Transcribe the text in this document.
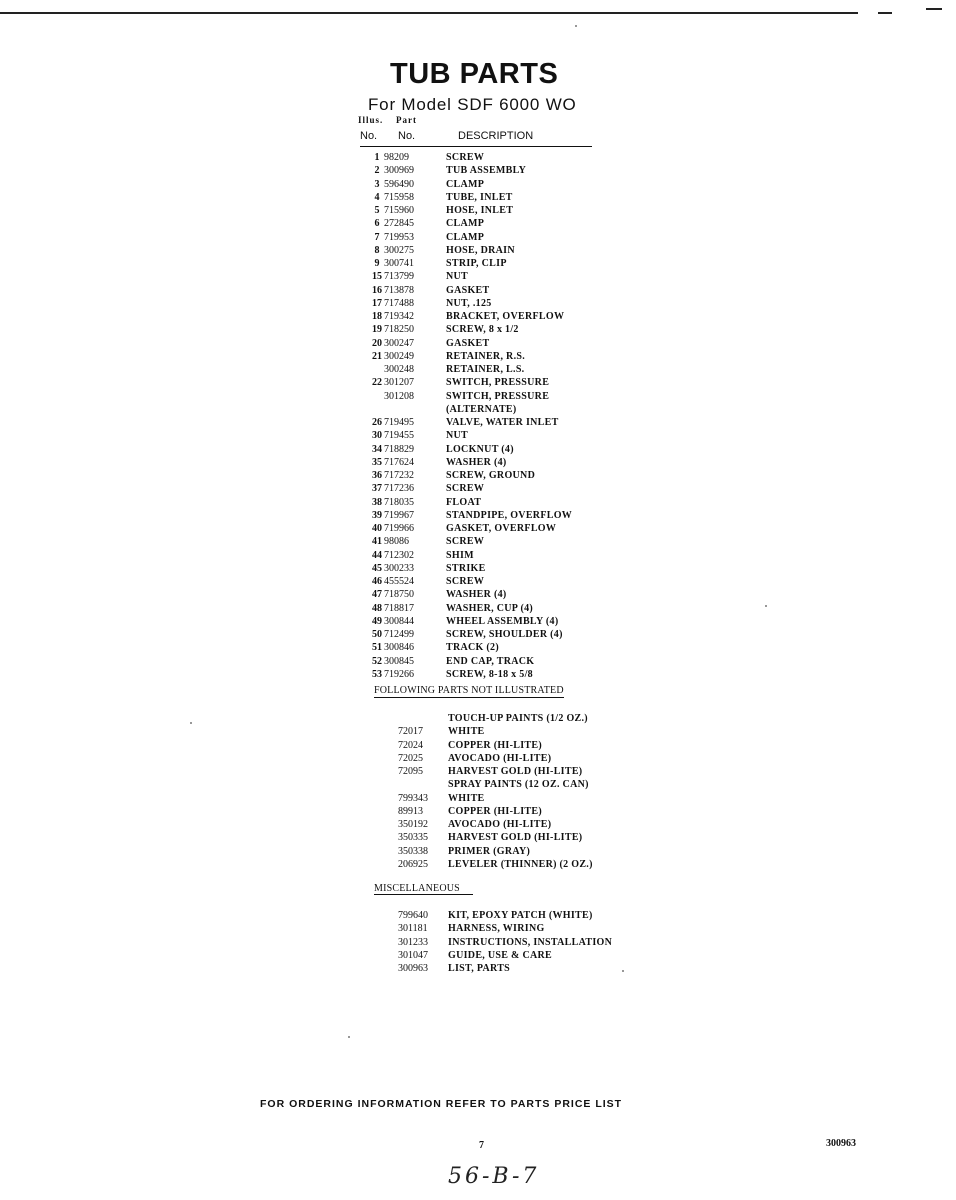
TUB PARTS
For Model SDF 6000 WO
Illus. Part
No. No.	DESCRIPTION
1 98209	SCREW
2 300969	TUB ASSEMBLY
3 596490	CLAMP
4 715958	TUBE, INLET
5 715960	HOSE, INLET
6 272845	CLAMP
7 719953	CLAMP
8 300275	HOSE, DRAIN
9 300741	STRIP, CLIP
15 713799	NUT
16 713878	GASKET
17 717488	NUT, .125
18 719342	BRACKET, OVERFLOW
19 718250	SCREW, 8 x 1/2
20 300247	GASKET
21 300249	RETAINER, R.S.
300248	RETAINER, L.S.
22 301207	SWITCH, PRESSURE
301208	SWITCH, PRESSURE
(ALTERNATE)
26 719495	VALVE, WATER INLET
30 719455	NUT
34 718829	LOCKNUT (4)
35 717624	WASHER (4)
36 717232	SCREW, GROUND
37 717236	SCREW
38 718035	FLOAT
39 719967	STANDPIPE, OVERFLOW
40 719966	GASKET, OVERFLOW
41 98086	SCREW
44 712302	SHIM
45 300233	STRIKE
46 455524	SCREW
47 718750	WASHER (4)
48 718817	WASHER, CUP (4)
49 300844	WHEEL ASSEMBLY (4)
50 712499	SCREW, SHOULDER (4)
51 300846	TRACK (2)
52 300845	END CAP, TRACK
53 719266	SCREW, 8-18 x 5/8
FOLLOWING PARTS NOT ILLUSTRATED
TOUCH-UP PAINTS (1/2 OZ.)
72017	WHITE
72024	COPPER (HI-LITE)
72025	AVOCADO (HI-LITE)
72095	HARVEST GOLD (HI-LITE)
SPRAY PAINTS (12 OZ. CAN)
799343 WHITE
89913	COPPER (HI-LITE)
350192 AVOCADO (HI-LITE)
350335 HARVEST GOLD (HI-LITE)
350338 PRIMER (GRAY)
206925 LEVELER (THINNER) (2 OZ.)
MISCELLANEOUS
799640 KIT, EPOXY PATCH (WHITE)
301181 HARNESS, WIRING
301233 INSTRUCTIONS, INSTALLATION
301047 GUIDE, USE & CARE
300963 LIST, PARTS
FOR ORDERING INFORMATION REFER TO PARTS PRICE LIST
7	300963
56-B-7
